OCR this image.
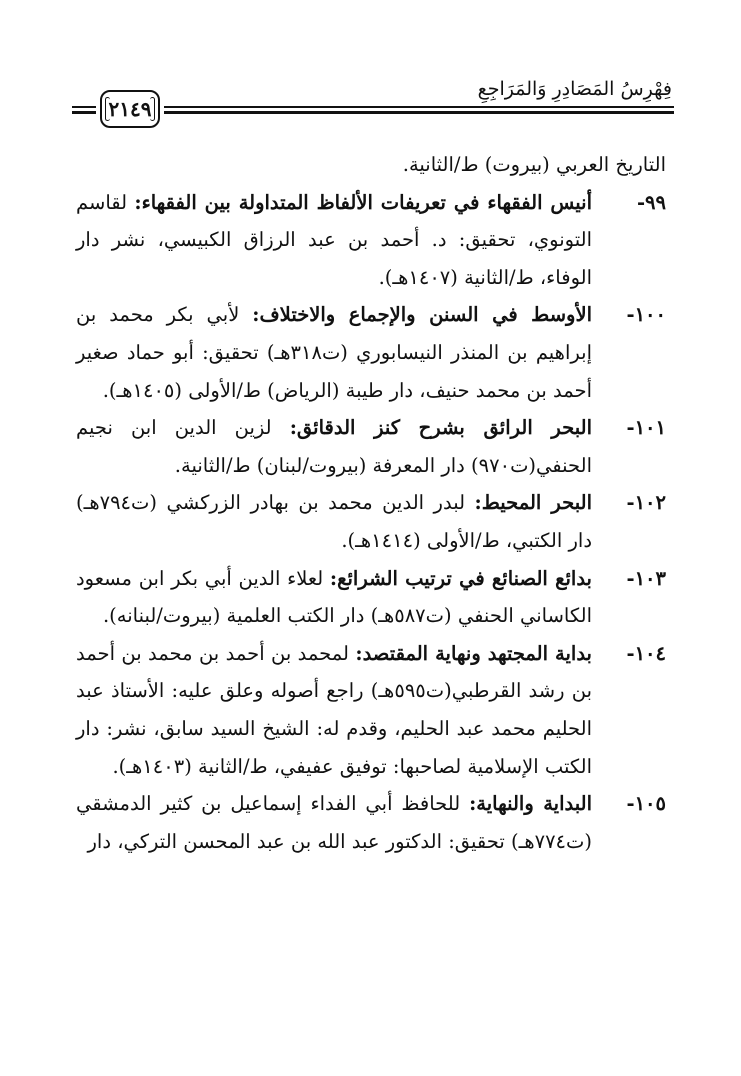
فِهْرِسُ المَصَادِرِ وَالمَرَاجِعِ
٢١٤٩

التاريخ العربي (بيروت) ط/الثانية.

٩٩-
أنيس الفقهاء في تعريفات الألفاظ المتداولة بين الفقهاء: لقاسم التونوي، تحقيق: د. أحمد بن عبد الرزاق الكبيسي، نشر دار الوفاء، ط/الثانية (١٤٠٧هـ).

١٠٠-
الأوسط في السنن والإجماع والاختلاف: لأبي بكر محمد بن إبراهيم بن المنذر النيسابوري (ت٣١٨هـ) تحقيق: أبو حماد صغير أحمد بن محمد حنيف، دار طيبة (الرياض) ط/الأولى (١٤٠٥هـ).

١٠١-
البحر الرائق بشرح كنز الدقائق: لزين الدين ابن نجيم الحنفي(ت٩٧٠) دار المعرفة (بيروت/لبنان) ط/الثانية.

١٠٢-
البحر المحيط: لبدر الدين محمد بن بهادر الزركشي (ت٧٩٤هـ) دار الكتبي، ط/الأولى (١٤١٤هـ).

١٠٣-
بدائع الصنائع في ترتيب الشرائع: لعلاء الدين أبي بكر ابن مسعود الكاساني الحنفي (ت٥٨٧هـ) دار الكتب العلمية (بيروت/لبنانه).

١٠٤-
بداية المجتهد ونهاية المقتصد: لمحمد بن أحمد بن محمد بن أحمد بن رشد القرطبي(ت٥٩٥هـ) راجع أصوله وعلق عليه: الأستاذ عبد الحليم محمد عبد الحليم، وقدم له: الشيخ السيد سابق، نشر: دار الكتب الإسلامية لصاحبها: توفيق عفيفي، ط/الثانية (١٤٠٣هـ).

١٠٥-
البداية والنهاية: للحافظ أبي الفداء إسماعيل بن كثير الدمشقي (ت٧٧٤هـ) تحقيق: الدكتور عبد الله بن عبد المحسن التركي، دار
